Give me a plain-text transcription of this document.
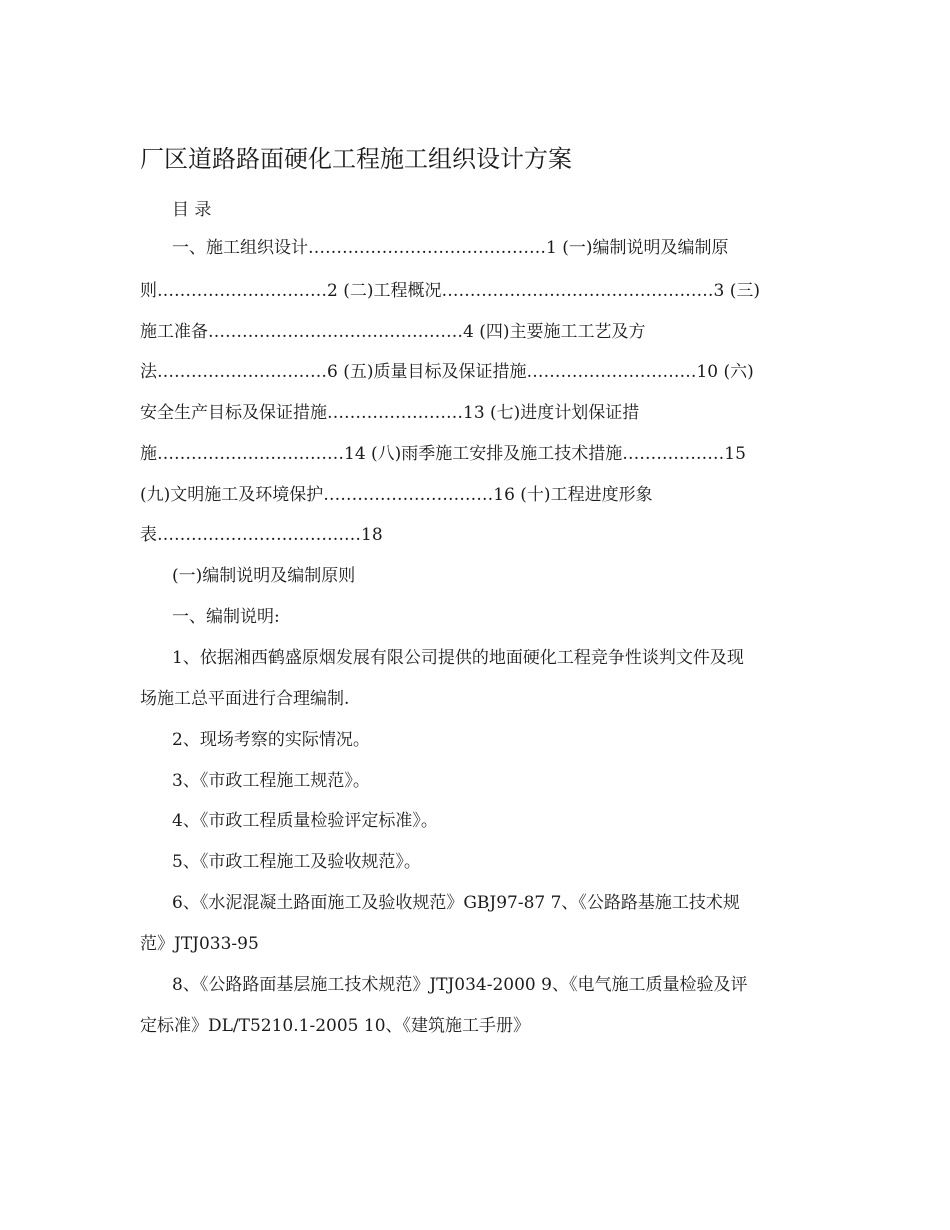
厂区道路路面硬化工程施工组织设计方案
目 录
一、施工组织设计……………………………………1 (一)编制说明及编制原
则…………………………2 (二)工程概况…………………………………………3 (三)
施工准备………………………………………4 (四)主要施工工艺及方
法…………………………6 (五)质量目标及保证措施…………………………10 (六)
安全生产目标及保证措施……………………13 (七)进度计划保证措
施……………………………14 (八)雨季施工安排及施工技术措施………………15
(九)文明施工及环境保护…………………………16 (十)工程进度形象
表………………………………18
(一)编制说明及编制原则
一、编制说明:
1、依据湘西鹤盛原烟发展有限公司提供的地面硬化工程竞争性谈判文件及现
场施工总平面进行合理编制.
2、现场考察的实际情况。
3、《市政工程施工规范》。
4、《市政工程质量检验评定标准》。
5、《市政工程施工及验收规范》。
6、《水泥混凝土路面施工及验收规范》GBJ97-87 7、《公路路基施工技术规
范》JTJ033-95
8、《公路路面基层施工技术规范》JTJ034-2000 9、《电气施工质量检验及评
定标准》DL/T5210.1-2005 10、《建筑施工手册》
